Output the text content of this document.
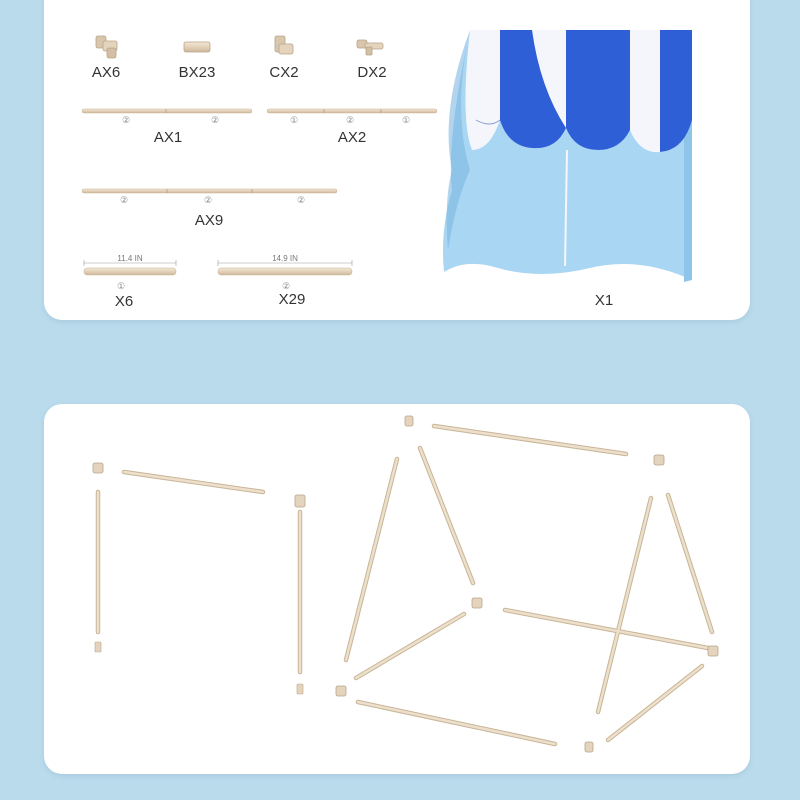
AX6	BX23	CX2	DX2
②	②
AX1
①	②	①
AX2
②	②	②
AX9
11.4 IN
①
X6
14.9 IN
②
X29	X1
